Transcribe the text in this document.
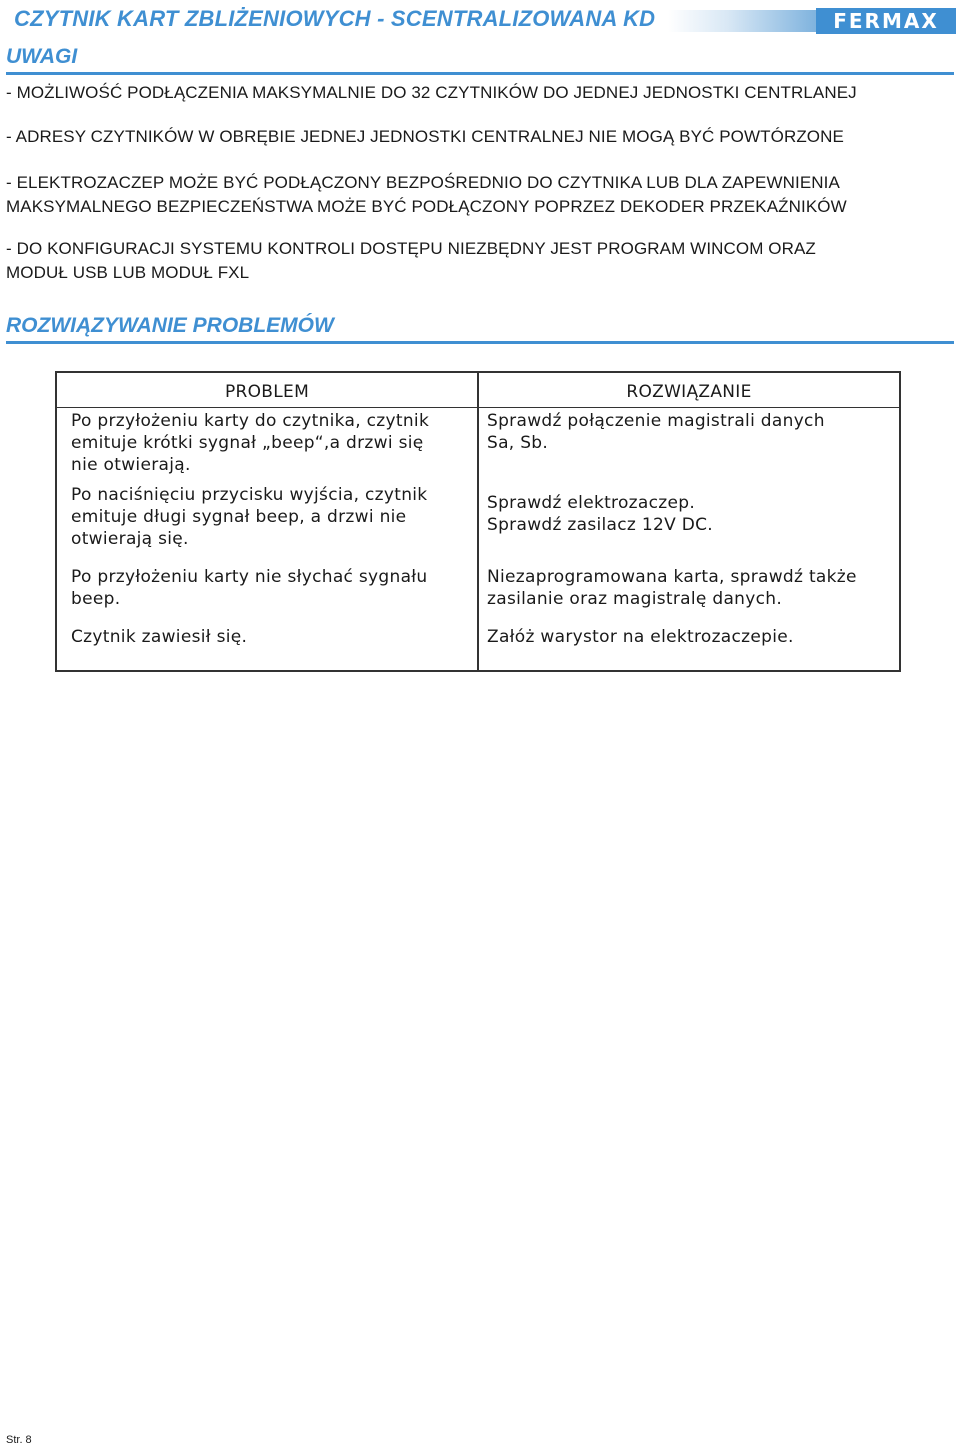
CZYTNIK KART ZBLIŻENIOWYCH - SCENTRALIZOWANA KD	FERMAX
UWAGI
- MOŻLIWOŚĆ PODŁĄCZENIA MAKSYMALNIE DO 32 CZYTNIKÓW DO JEDNEJ JEDNOSTKI CENTRLANEJ
- ADRESY CZYTNIKÓW W OBRĘBIE JEDNEJ JEDNOSTKI CENTRALNEJ NIE MOGĄ BYĆ POWTÓRZONE
- ELEKTROZACZEP MOŻE BYĆ PODŁĄCZONY BEZPOŚREDNIO DO CZYTNIKA LUB DLA ZAPEWNIENIA
MAKSYMALNEGO BEZPIECZEŃSTWA MOŻE BYĆ PODŁĄCZONY POPRZEZ DEKODER PRZEKAŹNIKÓW
- DO KONFIGURACJI SYSTEMU KONTROLI DOSTĘPU NIEZBĘDNY JEST PROGRAM WINCOM ORAZ
MODUŁ USB LUB MODUŁ FXL
ROZWIĄZYWANIE PROBLEMÓW
PROBLEM	ROZWIĄZANIE

Po przyłożeniu karty do czytnika, czytnik
emituje krótki sygnał „beep“,a drzwi się
nie otwierają.	Sprawdź połączenie magistrali danych
Sa, Sb.

Po naciśnięciu przycisku wyjścia, czytnik
emituje długi sygnał beep, a drzwi nie
otwierają się.	Sprawdź elektrozaczep.
Sprawdź zasilacz 12V DC.

Po przyłożeniu karty nie słychać sygnału
beep.	Niezaprogramowana karta, sprawdź także
zasilanie oraz magistralę danych.

Czytnik zawiesił się.	Załóż warystor na elektrozaczepie.
Str. 8
